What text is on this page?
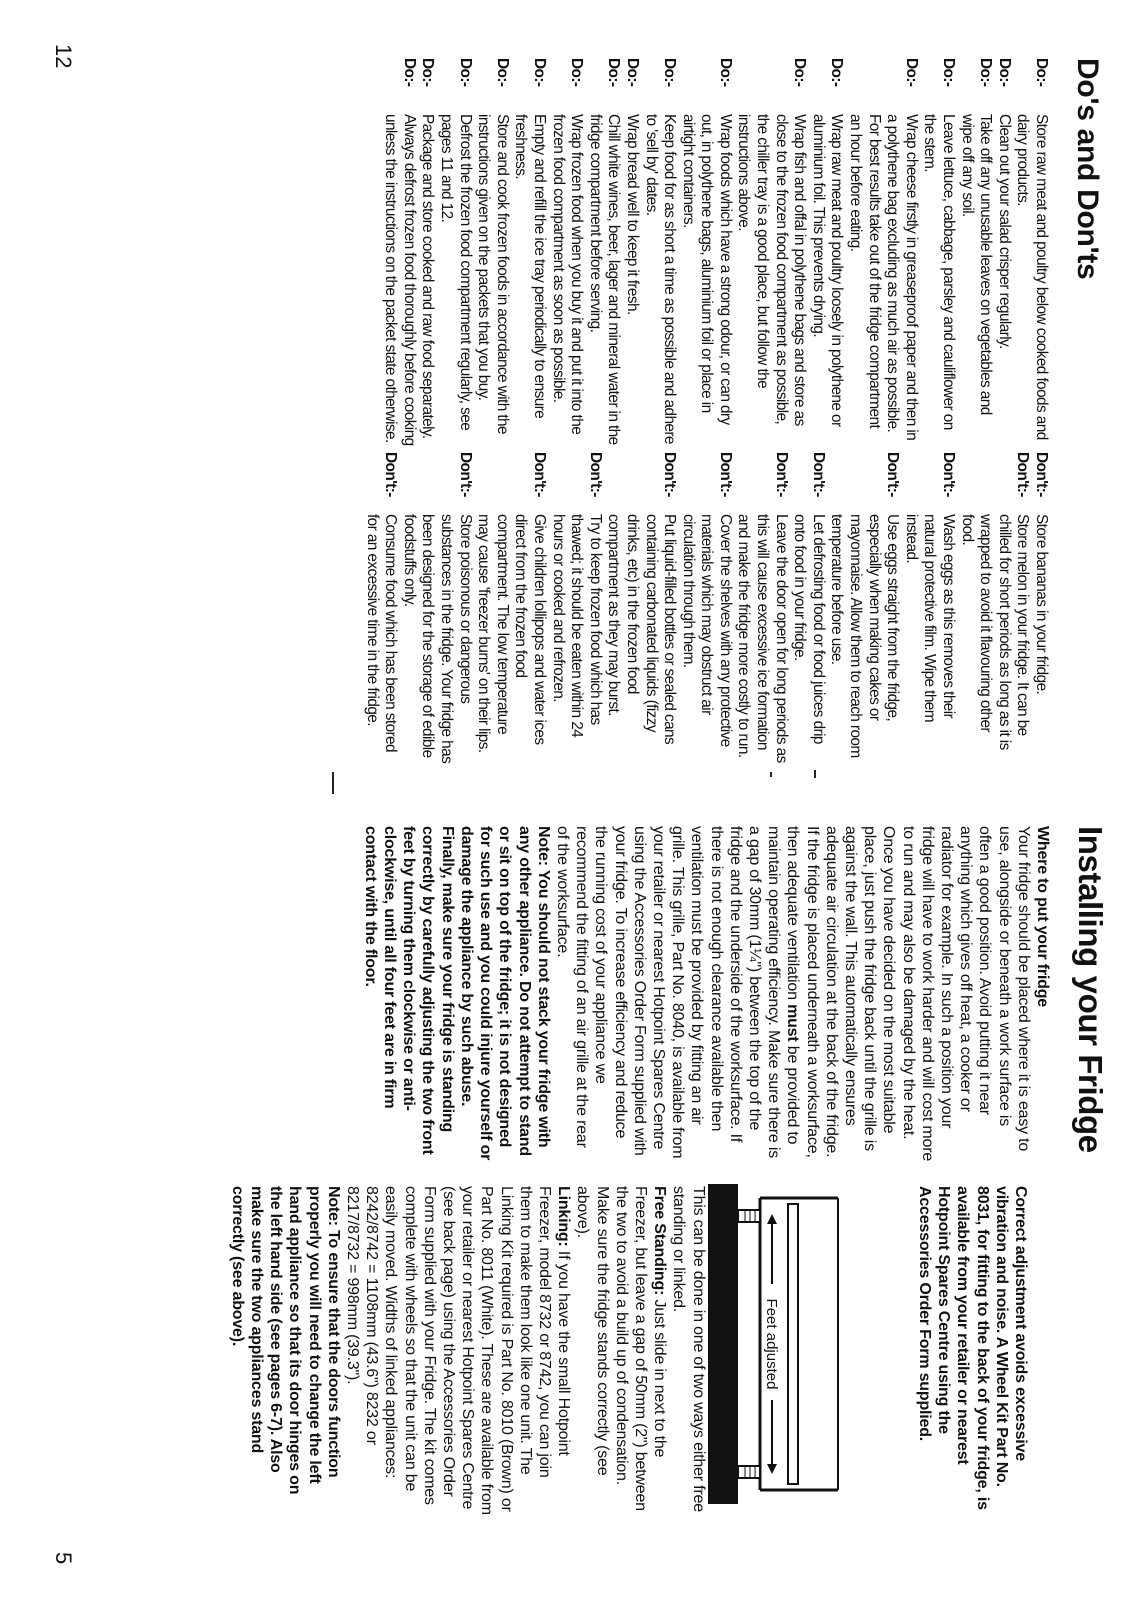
Do's and Don'ts
Do:-
Store raw meat and poultry below cooked foods and dairy products.
Do:-
Clean out your salad crisper regularly.
Do:-
Take off any unusable leaves on vegetables and wipe off any soil.
Do:-
Leave lettuce, cabbage, parsley and cauliflower on the stem.
Do:-
Wrap cheese firstly in greaseproof paper and then in a polythene bag excluding as much air as possible. For best results take out of the fridge compartment an hour before eating.
Do:-
Wrap raw meat and poultry loosely in polythene or aluminium foil. This prevents drying.
Do:-
Wrap fish and offal in polythene bags and store as close to the frozen food compartment as possible, the chiller tray is a good place, but follow the instructions above.
Do:-
Wrap foods which have a strong odour, or can dry out, in polythene bags, aluminium foil or place in airtight containers.
Do:-
Keep food for as short a time as possible and adhere to 'sell by' dates.
Do:-
Wrap bread well to keep it fresh.
Do:-
Chill white wines, beer, lager and mineral water in the fridge compartment before serving.
Do:-
Wrap frozen food when you buy it and put it into the frozen food compartment as soon as possible.
Do:-
Empty and refill the ice tray periodically to ensure freshness.
Do:-
Store and cook frozen foods in accordance with the instructions given on the packets that you buy.
Do:-
Defrost the frozen food compartment regularly, see pages 11 and 12.
Do:-
Package and store cooked and raw food separately.
Do:-
Always defrost frozen food thoroughly before cooking unless the instructions on the packet state otherwise.
Don't:-
Store bananas in your fridge.
Don't:-
Store melon in your fridge. It can be chilled for short periods as long as it is wrapped to avoid it flavouring other food.
Don't:-
Wash eggs as this removes their natural protective film. Wipe them instead.
Don't:-
Use eggs straight from the fridge, especially when making cakes or mayonnaise. Allow them to reach room temperature before use.
Don't:-
Let defrosting food or food juices drip onto food in your fridge.
Don't:-
Leave the door open for long periods as this will cause excessive ice formation and make the fridge more costly to run.
Don't:-
Cover the shelves with any protective materials which may obstruct air circulation through them.
Don't:-
Put liquid-filled bottles or sealed cans containing carbonated liquids (fizzy drinks, etc) in the frozen food compartment as they may burst.
Don't:-
Try to keep frozen food which has thawed; it should be eaten within 24 hours or cooked and refrozen.
Don't:-
Give children lollipops and water ices direct from the frozen food compartment. The low temperature may cause 'freezer burns' on their lips.
Don't:-
Store poisonous or dangerous substances in the fridge. Your fridge has been designed for the storage of edible foodstuffs only.
Don't:-
Consume food which has been stored for an excessive time in the fridge.
12
Installing your Fridge

Where to put your fridge

Your fridge should be placed where it is easy to use, alongside or beneath a work surface is often a good position. Avoid putting it near anything which gives off heat, a cooker or radiator for example. In such a position your fridge will have to work harder and will cost more to run and may also be damaged by the heat. Once you have decided on the most suitable place, just push the fridge back until the grille is against the wall. This automatically ensures adequate air circulation at the back of the fridge.

If the fridge is placed underneath a worksurface, then adequate ventilation must be provided to maintain operating efficiency. Make sure there is a gap of 30mm (1¼") between the top of the fridge and the underside of the worksurface. If there is not enough clearance available then ventilation must be provided by fitting an air grille. This grille, Part No. 8040, is available from your retailer or nearest Hotpoint Spares Centre using the Accessories Order Form supplied with your fridge. To increase efficiency and reduce the running cost of your appliance we recommend the fitting of an air grille at the rear of the worksurface.

Note: You should not stack your fridge with any other appliance. Do not attempt to stand or sit on top of the fridge; it is not designed for such use and you could injure yourself or damage the appliance by such abuse.

Finally, make sure your fridge is standing correctly by carefully adjusting the two front feet by turning them clockwise or anti-clockwise, until all four feet are in firm contact with the floor.

Correct adjustment avoids excessive vibration and noise. A Wheel Kit Part No. 8031, for fitting to the back of your fridge, is available from your retailer or nearest Hotpoint Spares Centre using the Accessories Order Form supplied.

This can be done in one of two ways either free standing or linked.

Free Standing: Just slide in next to the Freezer, but leave a gap of 50mm (2") between the two to avoid a build up of condensation. Make sure the fridge stands correctly (see above).

Linking: If you have the small Hotpoint Freezer, model 8732 or 8742, you can join them to make them look like one unit. The Linking Kit required is Part No. 8010 (Brown) or Part No. 8011 (White). These are available from your retailer or nearest Hotpoint Spares Centre (see back page) using the Accessories Order Form supplied with your Fridge. The kit comes complete with wheels so that the unit can be easily moved. Widths of linked appliances: 8242/8742 = 1108mm (43.6") 8232 or 8217/8732 = 998mm (39.3").

Note: To ensure that the doors function properly you will need to change the left hand appliance so that its door hinges on the left hand side (see pages 6-7). Also make sure the two appliances stand correctly (see above).	Feet adjusted
5
